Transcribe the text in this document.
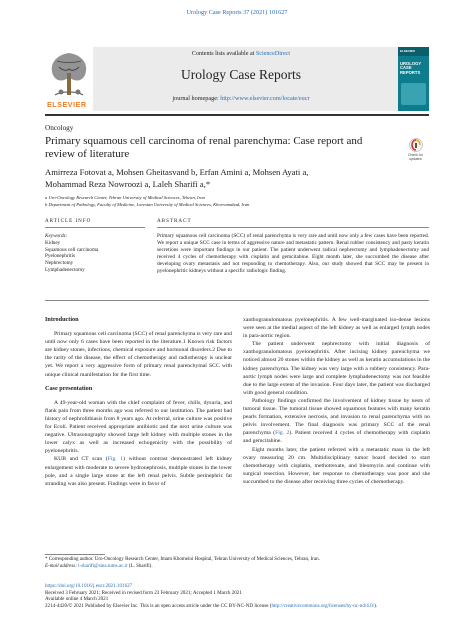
Urology Case Reports 37 (2021) 101627
ELSEVIER
Contents lists available at ScienceDirect
Urology Case Reports
journal homepage: http://www.elsevier.com/locate/eucr
ELSEVIER
UROLOGY
CASE REPORTS
Oncology
Primary squamous cell carcinoma of renal parenchyma: Case report and review of literature	Check for
updates
Amirreza Fotovat a, Mohsen Gheitasvand b, Erfan Amini a, Mohsen Ayati a,
Mohammad Reza Nowroozi a, Laleh Sharifi a,*
a Uro-Oncology Research Center, Tehran University of Medical Sciences, Tehran, Iran
b Department of Pathology, Faculty of Medicine, Lorestan University of Medical Sciences, Khorramabad, Iran
ARTICLE INFO	ABSTRACT
Keywords:
Kidney
Squamous cell carcinoma
Pyelonephritis
Nephrectomy
Lymphadenectomy
Primary squamous cell carcinoma (SCC) of renal parenchyma is very rare and until now only a few cases have been reported. We report a unique SCC case in terms of aggressive nature and metastatic pattern. Renal rubber consistency and pasty keratin secretions were important findings in our patient. The patient underwent radical nephrectomy and lymphadenectomy and received 4 cycles of chemotherapy with cisplatin and gemcitabine. Eight month later, she succumbed the disease after developing ovary metastasis and not responding to chemotherapy. Also, our study showed that SCC may be present in pyelonephritic kidneys without a specific radiologic finding.
Introduction

Primary squamous cell carcinoma (SCC) of renal parenchyma is very rare and until now only 6 cases have been reported in the literature.1 Known risk factors are kidney stones, infections, chemical exposure and hormonal disorders.2 Due to the rarity of the disease, the effect of chemotherapy and radiotherapy is unclear yet. We report a very aggressive form of primary renal parenchymal SCC with unique clinical manifestation for the first time.

Case presentation

A 49-year-old woman with the chief complaint of fever, chills, dysuria, and flank pain from three months ago was referred to our institution. The patient had history of nephrolithiasis from 8 years ago. At referral, urine culture was positive for Ecoli. Patient received appropriate antibiotic and the next urine culture was negative. Ultrasonography showed large left kidney with multiple stones in the lower calyx as well as increased echogenicity with the possibility of pyelonephritis.

KUB and CT scan (Fig. 1) without contrast demonstrated left kidney enlargement with moderate to severe hydronephrosis, multiple stones in the lower pole, and a single large stone at the left renal pelvis. Subtle perinephric fat stranding was also present. Findings were in favor of

xanthogranulomatous pyelonephritis. A few well-marginated iso-dense lesions were seen at the medial aspect of the left kidney as well as enlarged lymph nodes in para-aortic region.

The patient underwent nephrectomy with initial diagnosis of xanthogranulomatous pyelonephritis. After incising kidney parenchyma we noticed almost 20 stones within the kidney as well as keratin accumulations in the kidney parenchyma. The kidney was very large with a rubbery consistency. Para-aortic lymph nodes were large and complete lymphadenectomy was not feasible due to the large extent of the invasion. Four days later, the patient was discharged with good general condition.

Pathology findings confirmed the involvement of kidney tissue by nests of tumoral tissue. The tumoral tissue showed squamous features with many keratin pearls formation, extensive necrosis, and invasion to renal parenchyma with no pelvis involvement. The final diagnosis was primary SCC of the renal parenchyma (Fig. 2). Patient received 4 cycles of chemotherapy with cisplatin and gemcitabine.

Eight months later, the patient referred with a metastatic mass in the left ovary measuring 20 cm. Multidisciplinary tumor board decided to start chemotherapy with cisplatin, methotrexate, and bleomycin and continue with surgical resection. However, her response to chemotherapy was poor and she succumbed to the disease after receiving three cycles of chemotherapy.

* Corresponding author. Uro-Oncology Research Center, Imam Khomeini Hospital, Tehran University of Medical Sciences, Tehran, Iran.
E-mail address: l-sharifi@sina.tums.ac.ir (L. Sharifi).
https://doi.org/10.1016/j.eucr.2021.101627
Received 3 February 2021; Received in revised form 23 February 2021; Accepted 1 March 2021
Available online 4 March 2021
2214-4420/© 2021 Published by Elsevier Inc. This is an open access article under the CC BY-NC-ND license (http://creativecommons.org/licenses/by-nc-nd/4.0/).
